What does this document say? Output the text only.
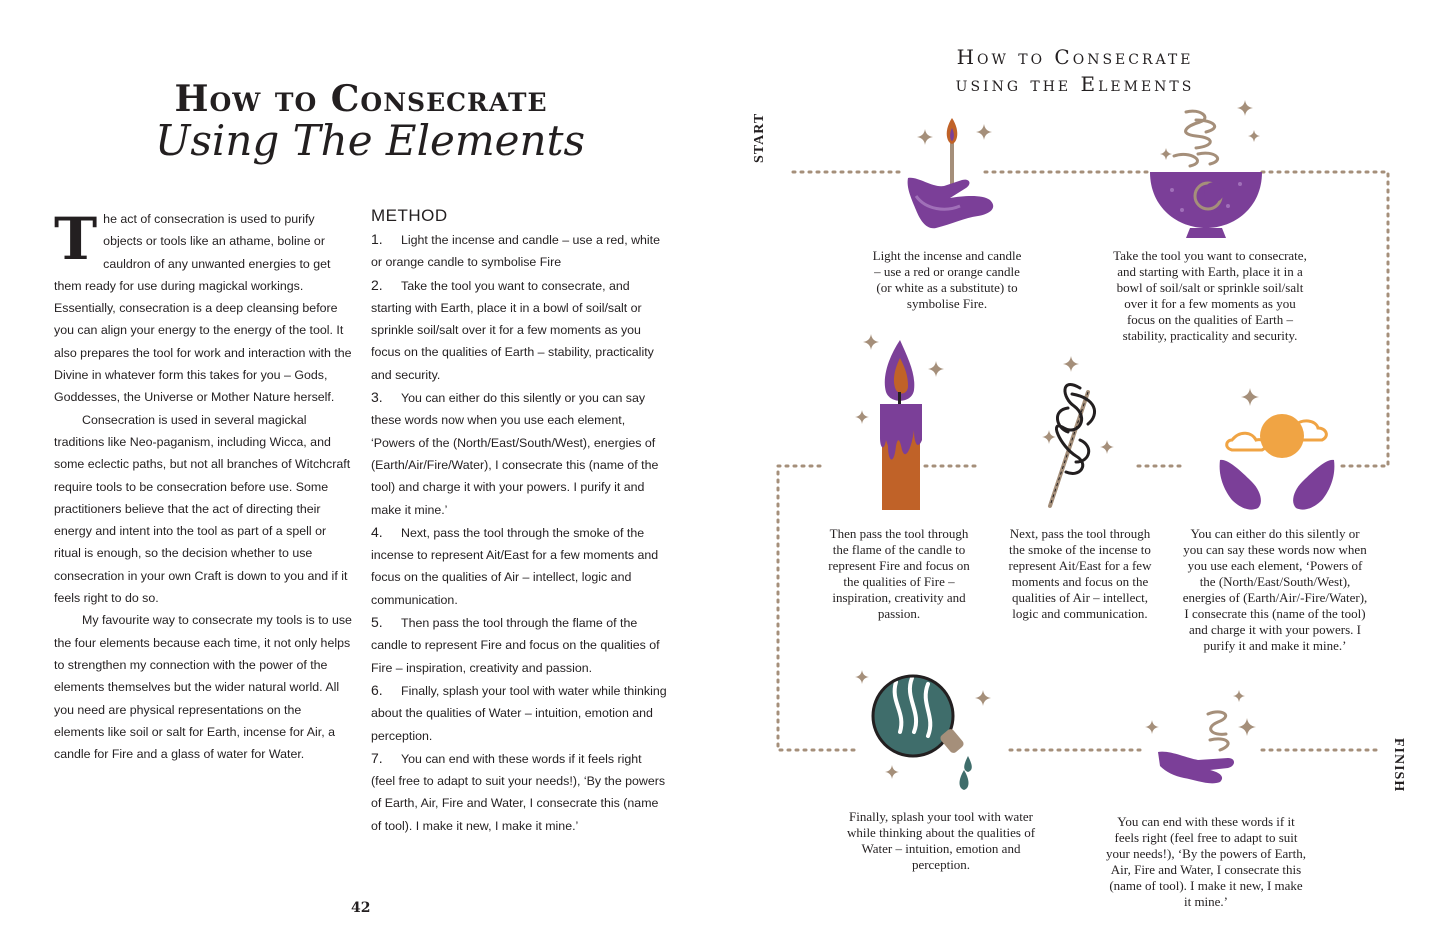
How to Consecrate
Using The Elements

The act of consecration is used to purify objects or tools like an athame, boline or cauldron of any unwanted energies to get them ready for use during magickal workings. Essentially, consecration is a deep cleansing before you can align your energy to the energy of the tool. It also prepares the tool for work and interaction with the Divine in whatever form this takes for you – Gods, Goddesses, the Universe or Mother Nature herself.

Consecration is used in several magickal traditions like Neo-paganism, including Wicca, and some eclectic paths, but not all branches of Witchcraft require tools to be consecration before use. Some practitioners believe that the act of directing their energy and intent into the tool as part of a spell or ritual is enough, so the decision whether to use consecration in your own Craft is down to you and if it feels right to do so.

My favourite way to consecrate my tools is to use the four elements because each time, it not only helps to strengthen my connection with the power of the elements themselves but the wider natural world. All you need are physical representations on the elements like soil or salt for Earth, incense for Air, a candle for Fire and a glass of water for Water.

METHOD

1. Light the incense and candle – use a red, white or orange candle to symbolise Fire

2. Take the tool you want to consecrate, and starting with Earth, place it in a bowl of soil/salt or sprinkle soil/salt over it for a few moments as you focus on the qualities of Earth – stability, practicality and security.

3. You can either do this silently or you can say these words now when you use each element, ‘Powers of the (North/East/South/West), energies of (Earth/Air/Fire/Water), I consecrate this (name of the tool) and charge it with your powers. I purify it and make it mine.’

4. Next, pass the tool through the smoke of the incense to represent Ait/East for a few moments and focus on the qualities of Air – intellect, logic and communication.

5. Then pass the tool through the flame of the candle to represent Fire and focus on the qualities of Fire – inspiration, creativity and passion.

6. Finally, splash your tool with water while thinking about the qualities of Water – intuition, emotion and perception.

7. You can end with these words if it feels right (feel free to adapt to suit your needs!), ‘By the powers of Earth, Air, Fire and Water, I consecrate this (name of tool). I make it new, I make it mine.’

42
How to Consecrate
using the Elements
START
FINISH
Light the incense and candle – use a red or orange candle (or white as a substitute) to symbolise Fire.
Take the tool you want to consecrate, and starting with Earth, place it in a bowl of soil/salt or sprinkle soil/salt over it for a few moments as you focus on the qualities of Earth – stability, practicality and security.
Then pass the tool through the flame of the candle to represent Fire and focus on the qualities of Fire – inspiration, creativity and passion.
Next, pass the tool through the smoke of the incense to represent Ait/East for a few moments and focus on the qualities of Air – intellect, logic and communication.
You can either do this silently or you can say these words now when you use each element, ‘Powers of the (North/East/South/West), energies of (Earth/Air/-Fire/Water), I consecrate this (name of the tool) and charge it with your powers. I purify it and make it mine.’
Finally, splash your tool with water while thinking about the qualities of Water – intuition, emotion and perception.
You can end with these words if it feels right (feel free to adapt to suit your needs!), ‘By the powers of Earth, Air, Fire and Water, I consecrate this (name of tool). I make it new, I make it mine.’
